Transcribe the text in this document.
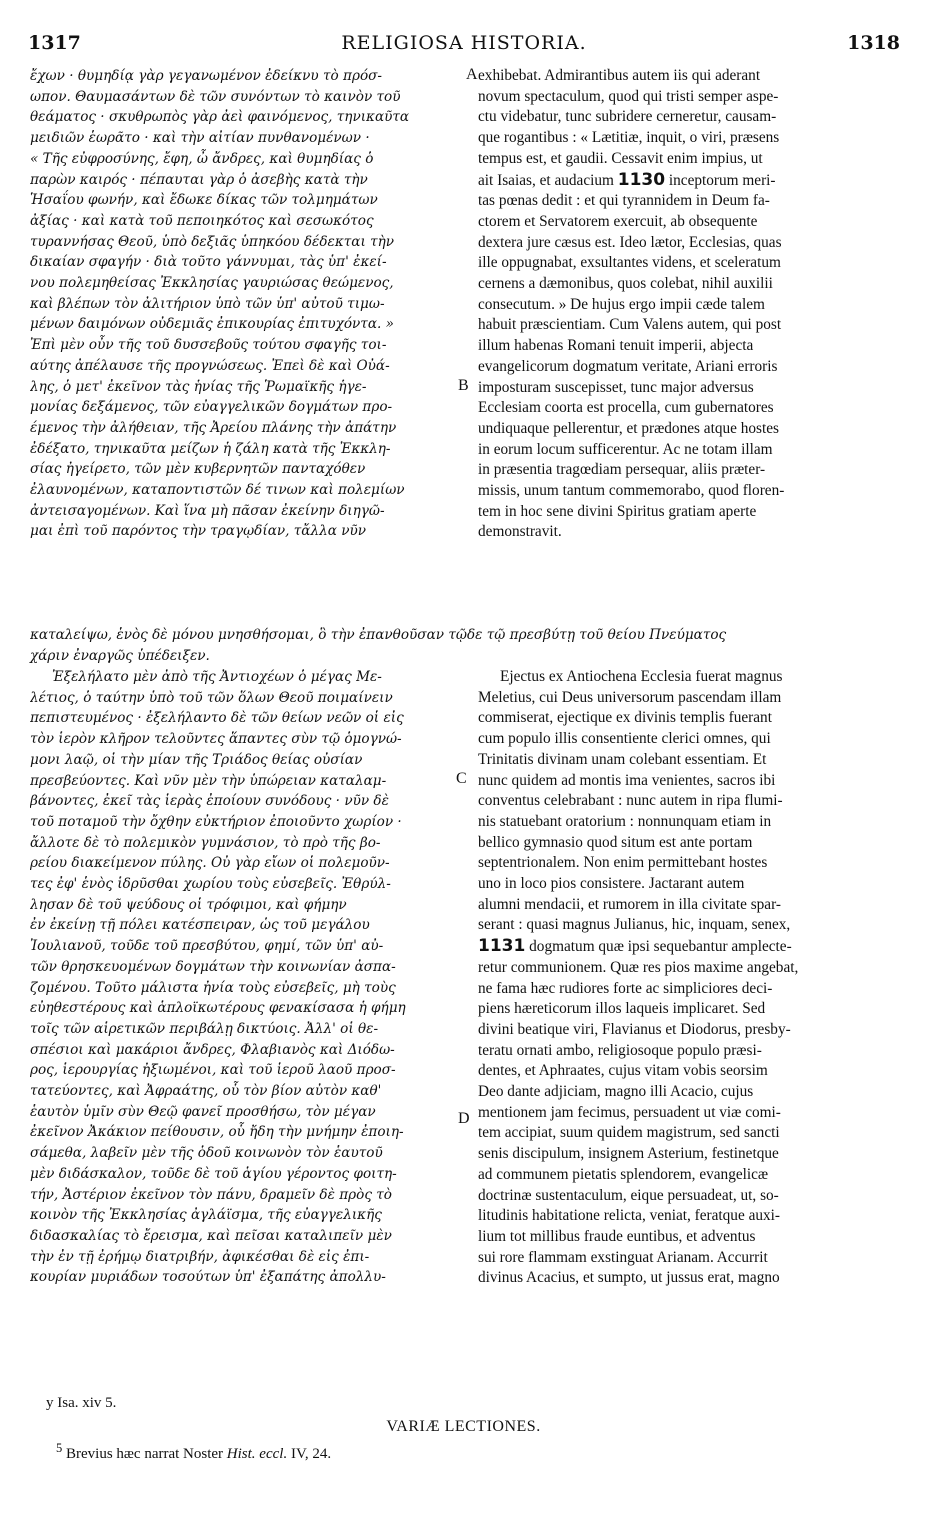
1317	RELIGIOSA HISTORIA.	1318
ἔχων · θυμηδίᾳ γὰρ γεγανωμένον ἐδείκνυ τὸ πρόσ-
ωπον. Θαυμασάντων δὲ τῶν συνόντων τὸ καινὸν τοῦ
θεάματος · σκυθρωπὸς γὰρ ἀεὶ φαινόμενος, τηνικαῦτα
μειδιῶν ἑωρᾶτο · καὶ τὴν αἰτίαν πυνθανομένων ·
« Τῆς εὐφροσύνης, ἔφη, ὦ ἄνδρες, καὶ θυμηδίας ὁ
παρὼν καιρός · πέπαυται γὰρ ὁ ἀσεβὴς κατὰ τὴν
Ἡσαΐου φωνήν, καὶ ἔδωκε δίκας τῶν τολμημάτων
ἀξίας · καὶ κατὰ τοῦ πεποιηκότος καὶ σεσωκότος
τυραννήσας Θεοῦ, ὑπὸ δεξιᾶς ὑπηκόου δέδεκται τὴν
δικαίαν σφαγήν · διὰ τοῦτο γάννυμαι, τὰς ὑπ' ἐκεί-
νου πολεμηθείσας Ἐκκλησίας γαυριώσας θεώμενος,
καὶ βλέπων τὸν ἀλιτήριον ὑπὸ τῶν ὑπ' αὐτοῦ τιμω-
μένων δαιμόνων οὐδεμιᾶς ἐπικουρίας ἐπιτυχόντα. »
Ἐπὶ μὲν οὖν τῆς τοῦ δυσσεβοῦς τούτου σφαγῆς τοι-
αύτης ἀπέλαυσε τῆς προγνώσεως. Ἐπεὶ δὲ καὶ Οὐά-
λης, ὁ μετ' ἐκεῖνον τὰς ἡνίας τῆς Ῥωμαϊκῆς ἡγε-
μονίας δεξάμενος, τῶν εὐαγγελικῶν δογμάτων προ-
έμενος τὴν ἀλήθειαν, τῆς Ἀρείου πλάνης τὴν ἀπάτην
ἐδέξατο, τηνικαῦτα μείζων ἡ ζάλη κατὰ τῆς Ἐκκλη-
σίας ἠγείρετο, τῶν μὲν κυβερνητῶν πανταχόθεν
ἐλαυνομένων, καταποντιστῶν δέ τινων καὶ πολεμίων
ἀντεισαγομένων. Καὶ ἵνα μὴ πᾶσαν ἐκείνην διηγῶ-
μαι ἐπὶ τοῦ παρόντος τὴν τραγῳδίαν, τἄλλα νῦν
exhibebat. Admirantibus autem iis qui aderant
novum spectaculum, quod qui tristi semper aspe-
ctu videbatur, tunc subridere cerneretur, causam-
que rogantibus : « Lætitiæ, inquit, o viri, præsens
tempus est, et gaudii. Cessavit enim impius, ut
ait Isaias, et audacium 1130 inceptorum meri-
tas pœnas dedit : et qui tyrannidem in Deum fa-
ctorem et Servatorem exercuit, ab obsequente
dextera jure cæsus est. Ideo lætor, Ecclesias, quas
ille oppugnabat, exsultantes videns, et sceleratum
cernens a dæmonibus, quos colebat, nihil auxilii
consecutum. » De hujus ergo impii cæde talem
habuit præscientiam. Cum Valens autem, qui post
illum habenas Romani tenuit imperii, abjecta
evangelicorum dogmatum veritate, Ariani erroris
imposturam suscepisset, tunc major adversus
Ecclesiam coorta est procella, cum gubernatores
undiquaque pellerentur, et prædones atque hostes
in eorum locum sufficerentur. Ac ne totam illam
in præsentia tragœdiam persequar, aliis præter-
missis, unum tantum commemorabo, quod floren-
tem in hoc sene divini Spiritus gratiam aperte
demonstravit.
A
B
C
D
καταλείψω, ἑνὸς δὲ μόνου μνησθήσομαι, ὃ τὴν ἐπανθοῦσαν τῷδε τῷ πρεσβύτῃ τοῦ θείου Πνεύματος
χάριν ἐναργῶς ὑπέδειξεν.
Ἐξελήλατο μὲν ἀπὸ τῆς Ἀντιοχέων ὁ μέγας Με-
λέτιος, ὁ ταύτην ὑπὸ τοῦ τῶν ὅλων Θεοῦ ποιμαίνειν
πεπιστευμένος · ἐξελήλαντο δὲ τῶν θείων νεῶν οἱ εἰς
τὸν ἱερὸν κλῆρον τελοῦντες ἅπαντες σὺν τῷ ὁμογνώ-
μονι λαῷ, οἱ τὴν μίαν τῆς Τριάδος θείας οὐσίαν
πρεσβεύοντες. Καὶ νῦν μὲν τὴν ὑπώρειαν καταλαμ-
βάνοντες, ἐκεῖ τὰς ἱερὰς ἐποίουν συνόδους · νῦν δὲ
τοῦ ποταμοῦ τὴν ὄχθην εὐκτήριον ἐποιοῦντο χωρίον ·
ἄλλοτε δὲ τὸ πολεμικὸν γυμνάσιον, τὸ πρὸ τῆς βο-
ρείου διακείμενον πύλης. Οὐ γὰρ εἴων οἱ πολεμοῦν-
τες ἐφ' ἑνὸς ἱδρῦσθαι χωρίου τοὺς εὐσεβεῖς. Ἐθρύλ-
λησαν δὲ τοῦ ψεύδους οἱ τρόφιμοι, καὶ φήμην
ἐν ἐκείνῃ τῇ πόλει κατέσπειραν, ὡς τοῦ μεγάλου
Ἰουλιανοῦ, τοῦδε τοῦ πρεσβύτου, φημί, τῶν ὑπ' αὐ-
τῶν θρησκευομένων δογμάτων τὴν κοινωνίαν ἀσπα-
ζομένου. Τοῦτο μάλιστα ἠνία τοὺς εὐσεβεῖς, μὴ τοὺς
εὐηθεστέρους καὶ ἁπλοϊκωτέρους φενακίσασα ἡ φήμη
τοῖς τῶν αἱρετικῶν περιβάλῃ δικτύοις. Ἀλλ' οἱ θε-
σπέσιοι καὶ μακάριοι ἄνδρες, Φλαβιανὸς καὶ Διόδω-
ρος, ἱερουργίας ἠξιωμένοι, καὶ τοῦ ἱεροῦ λαοῦ προσ-
τατεύοντες, καὶ Ἀφραάτης, οὗ τὸν βίον αὐτὸν καθ'
ἑαυτὸν ὑμῖν σὺν Θεῷ φανεῖ προσθήσω, τὸν μέγαν
ἐκεῖνον Ἀκάκιον πείθουσιν, οὗ ἤδη τὴν μνήμην ἐποιη-
σάμεθα, λαβεῖν μὲν τῆς ὁδοῦ κοινωνὸν τὸν ἑαυτοῦ
μὲν διδάσκαλον, τοῦδε δὲ τοῦ ἁγίου γέροντος φοιτη-
τήν, Ἀστέριον ἐκεῖνον τὸν πάνυ, δραμεῖν δὲ πρὸς τὸ
κοινὸν τῆς Ἐκκλησίας ἀγλάϊσμα, τῆς εὐαγγελικῆς
διδασκαλίας τὸ ἔρεισμα, καὶ πεῖσαι καταλιπεῖν μὲν
τὴν ἐν τῇ ἐρήμῳ διατριβήν, ἀφικέσθαι δὲ εἰς ἐπι-
κουρίαν μυριάδων τοσούτων ὑπ' ἐξαπάτης ἀπολλυ-
Ejectus ex Antiochena Ecclesia fuerat magnus
Meletius, cui Deus universorum pascendam illam
commiserat, ejectique ex divinis templis fuerant
cum populo illis consentiente clerici omnes, qui
Trinitatis divinam unam colebant essentiam. Et
nunc quidem ad montis ima venientes, sacros ibi
conventus celebrabant : nunc autem in ripa flumi-
nis statuebant oratorium : nonnunquam etiam in
bellico gymnasio quod situm est ante portam
septentrionalem. Non enim permittebant hostes
uno in loco pios consistere. Jactarant autem
alumni mendacii, et rumorem in illa civitate spar-
serant : quasi magnus Julianus, hic, inquam, senex,
1131 dogmatum quæ ipsi sequebantur amplecte-
retur communionem. Quæ res pios maxime angebat,
ne fama hæc rudiores forte ac simpliciores deci-
piens hæreticorum illos laqueis implicaret. Sed
divini beatique viri, Flavianus et Diodorus, presby-
teratu ornati ambo, religiosoque populo præsi-
dentes, et Aphraates, cujus vitam vobis seorsim
Deo dante adjiciam, magno illi Acacio, cujus
mentionem jam fecimus, persuadent ut viæ comi-
tem accipiat, suum quidem magistrum, sed sancti
senis discipulum, insignem Asterium, festinetque
ad communem pietatis splendorem, evangelicæ
doctrinæ sustentaculum, eique persuadeat, ut, so-
litudinis habitatione relicta, veniat, feratque auxi-
lium tot millibus fraude euntibus, et adventus
sui rore flammam exstinguat Arianam. Accurrit
divinus Acacius, et sumpto, ut jussus erat, magno
y Isa. xiv 5.
VARIÆ LECTIONES.
$^5$ Brevius hæc narrat Noster Hist. eccl. IV, 24.
